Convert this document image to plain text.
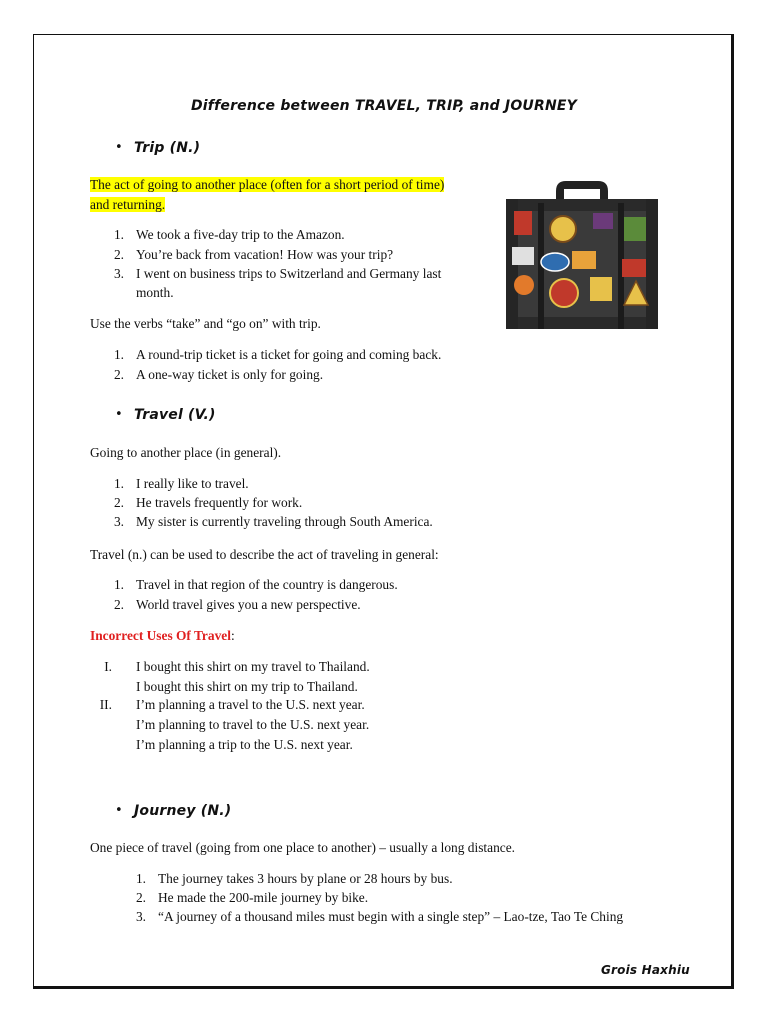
Difference between TRAVEL, TRIP, and JOURNEY
• Trip (N.)
The act of going to another place (often for a short period of time)
and returning.
1. We took a five-day trip to the Amazon.
2. You’re back from vacation! How was your trip?
3. I went on business trips to Switzerland and Germany last
month.
Use the verbs “take” and “go on” with trip.
1. A round-trip ticket is a ticket for going and coming back.
2. A one-way ticket is only for going.
• Travel (V.)
Going to another place (in general).
1. I really like to travel.
2. He travels frequently for work.
3. My sister is currently traveling through South America.
Travel (n.) can be used to describe the act of traveling in general:
1. Travel in that region of the country is dangerous.
2. World travel gives you a new perspective.
Incorrect Uses Of Travel:
I. I bought this shirt on my travel to Thailand.
I bought this shirt on my trip to Thailand.
II. I’m planning a travel to the U.S. next year.
I’m planning to travel to the U.S. next year.
I’m planning a trip to the U.S. next year.
• Journey (N.)
One piece of travel (going from one place to another) – usually a long distance.
1. The journey takes 3 hours by plane or 28 hours by bus.
2. He made the 200-mile journey by bike.
3. “A journey of a thousand miles must begin with a single step” – Lao-tze, Tao Te Ching
Grois Haxhiu
